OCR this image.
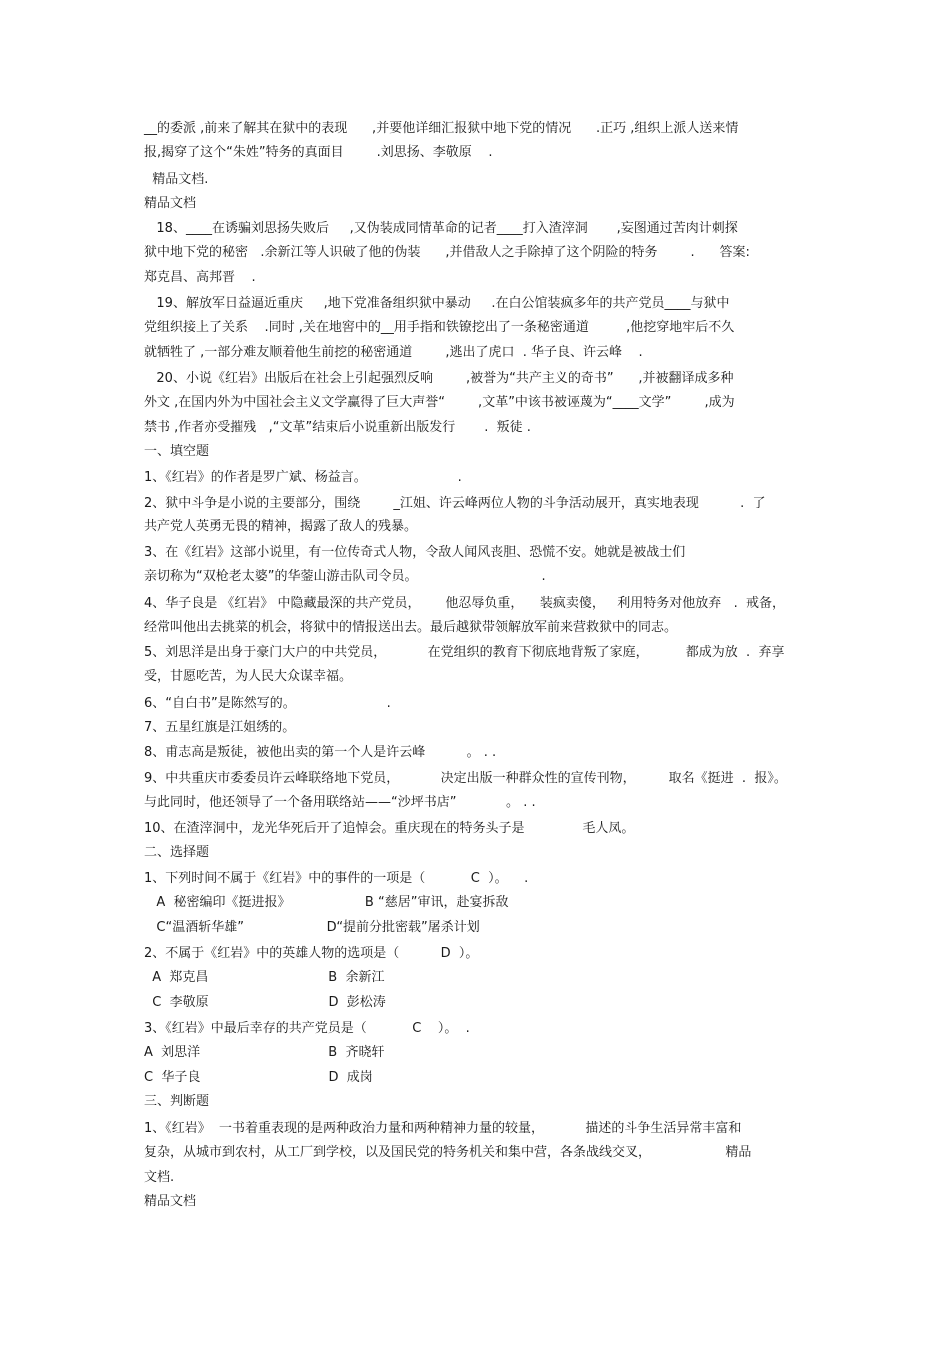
__的委派 ,前来了解其在狱中的表现      ,并要他详细汇报狱中地下党的情况      .正巧 ,组织上派人送来情
报,揭穿了这个“朱姓”特务的真面目        .刘思扬、李敬原    .
精品文档.
精品文档
18、____在诱骗刘思扬失败后     ,又伪装成同情革命的记者____打入渣滓洞       ,妄图通过苦肉计刺探
狱中地下党的秘密   .余新江等人识破了他的伪装      ,并借敌人之手除掉了这个阴险的特务        .      答案:
郑克昌、高邦晋    .
19、解放军日益逼近重庆     ,地下党准备组织狱中暴动     .在白公馆装疯多年的共产党员____与狱中
党组织接上了关系    .同时 ,关在地窖中的__用手指和铁镣挖出了一条秘密通道         ,他挖穿地牢后不久
就牺牲了 ,一部分难友顺着他生前挖的秘密通道        ,逃出了虎口  . 华子良、许云峰    .
20、小说《红岩》出版后在社会上引起强烈反响        ,被誉为“共产主义的奇书”      ,并被翻译成多种
外文 ,在国内外为中国社会主义文学赢得了巨大声誉“        ,文革”中该书被诬蔑为“____文学”        ,成为
禁书 ,作者亦受摧残   ,“文革”结束后小说重新出版发行       .  叛徒 .
一、填空题
1、《红岩》的作者是罗广斌、杨益言。                      .
2、狱中斗争是小说的主要部分，围绕        _江姐、许云峰两位人物的斗争活动展开，真实地表现          .  了
共产党人英勇无畏的精神，揭露了敌人的残暴。
3、在《红岩》这部小说里，有一位传奇式人物，令敌人闻风丧胆、恐慌不安。她就是被战士们
亲切称为“双枪老太婆”的华蓥山游击队司令员。                              .
4、华子良是 《红岩》 中隐藏最深的共产党员，      他忍辱负重，    装疯卖傻，   利用特务对他放弃   .  戒备，
经常叫他出去挑菜的机会，将狱中的情报送出去。最后越狱带领解放军前来营救狱中的同志。
5、刘思洋是出身于豪门大户的中共党员，          在党组织的教育下彻底地背叛了家庭，         都成为放  .  弃享
受，甘愿吃苦，为人民大众谋幸福。
6、“自白书”是陈然写的。                      .
7、五星红旗是江姐绣的。
8、甫志高是叛徒，被他出卖的第一个人是许云峰          。 . .
9、中共重庆市委委员许云峰联络地下党员，          决定出版一种群众性的宣传刊物，        取名《挺进  .  报》。
与此同时，他还领导了一个备用联络站——“沙坪书店”            。 . .
10、在渣滓洞中，龙光华死后开了追悼会。重庆现在的特务头子是              毛人凤。
二、选择题
1、下列时间不属于《红岩》中的事件的一项是（           C  ）。    .
A  秘密编印《挺进报》                  B “慈居”审讯，赴宴拆敌
C“温酒斩华雄”                    D“提前分批密载”屠杀计划
2、不属于《红岩》中的英雄人物的选项是（          D  ）。
A  郑克昌                             B  余新江
C  李敬原                             D  彭松涛
3、《红岩》中最后幸存的共产党员是（           C    ）。  .
A  刘思洋                               B  齐晓轩
C  华子良                               D  成岗
三、判断题
1、《红岩》  一书着重表现的是两种政治力量和两种精神力量的较量，          描述的斗争生活异常丰富和
复杂，从城市到农村，从工厂到学校，以及国民党的特务机关和集中营，各条战线交叉，                  精品
文档.
精品文档
